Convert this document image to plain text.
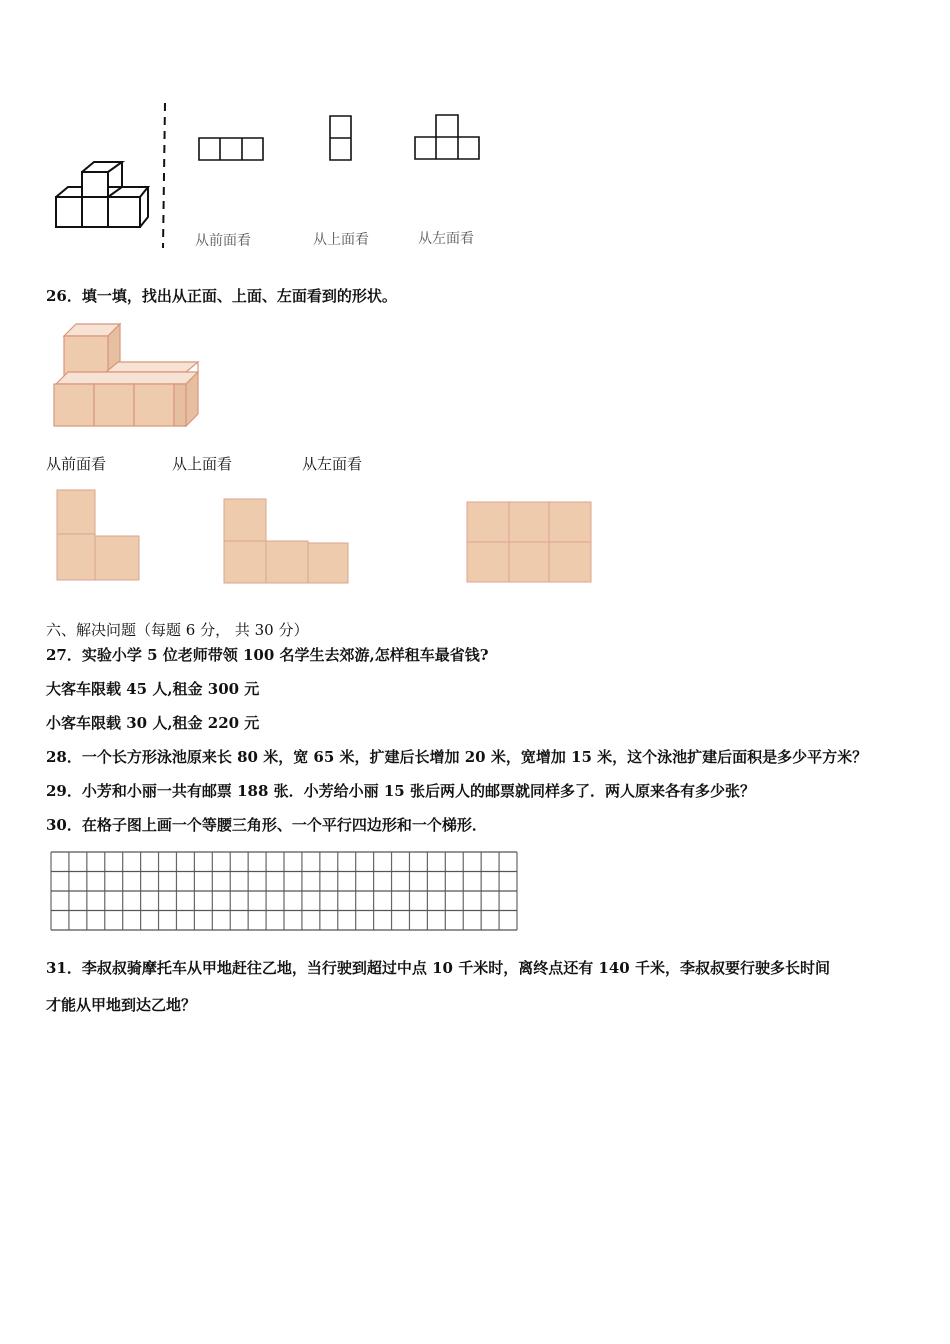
从前面看	从上面看	从左面看
26．填一填，找出从正面、上面、左面看到的形状。
从前面看	从上面看	从左面看
六、解决问题（每题 6 分， 共 30 分）
27．实验小学 5 位老师带领 100 名学生去郊游,怎样租车最省钱?
大客车限载 45 人,租金 300 元
小客车限载 30 人,租金 220 元
28．一个长方形泳池原来长 80 米，宽 65 米，扩建后长增加 20 米，宽增加 15 米，这个泳池扩建后面积是多少平方米？
29．小芳和小丽一共有邮票 188 张．小芳给小丽 15 张后两人的邮票就同样多了．两人原来各有多少张？
30．在格子图上画一个等腰三角形、一个平行四边形和一个梯形．
31．李叔叔骑摩托车从甲地赶往乙地，当行驶到超过中点 10 千米时，离终点还有 140 千米，李叔叔要行驶多长时间
才能从甲地到达乙地？
